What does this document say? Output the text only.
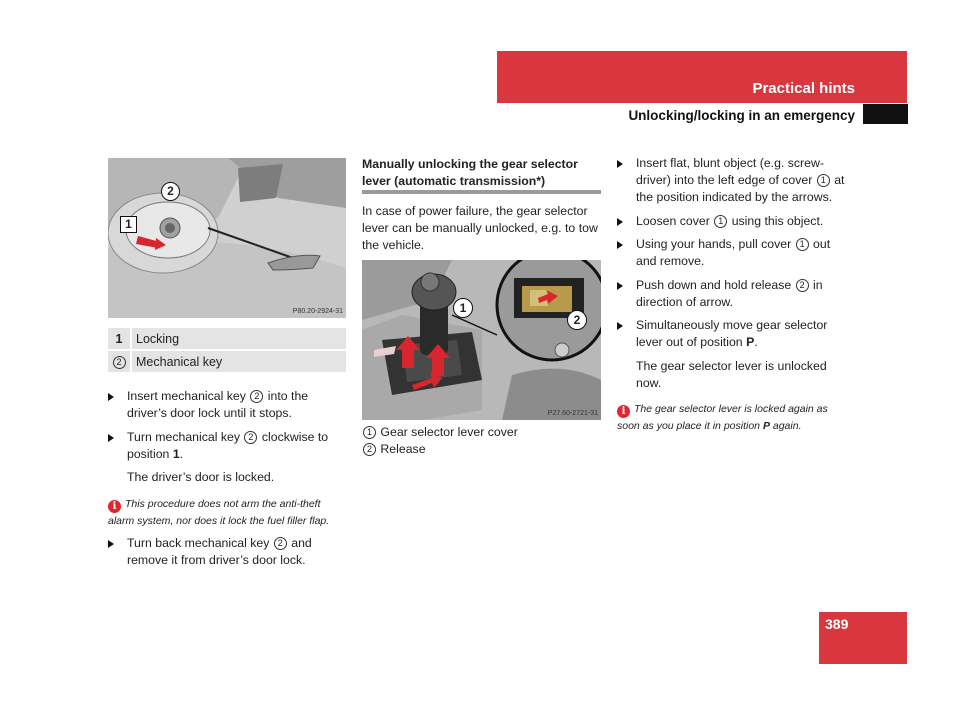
Practical hints
Unlocking/locking in an emergency
2
1
P80.20-2924-31
1	Locking
2	Mechanical key
Insert mechanical key 2 into the
driver’s door lock until it stops.
Turn mechanical key 2 clockwise to
position 1.
The driver’s door is locked.
i This procedure does not arm the anti-theft
alarm system, nor does it lock the fuel filler flap.
Turn back mechanical key 2 and
remove it from driver’s door lock.
Manually unlocking the gear selector
lever (automatic transmission*)
In case of power failure, the gear selector
lever can be manually unlocked, e.g. to tow
the vehicle.
1
2
P27.60-2721-31
1 Gear selector lever cover
2 Release
Insert flat, blunt object (e.g. screw-
driver) into the left edge of cover 1 at
the position indicated by the arrows.
Loosen cover 1 using this object.
Using your hands, pull cover 1 out
and remove.
Push down and hold release 2 in
direction of arrow.
Simultaneously move gear selector
lever out of position P.
The gear selector lever is unlocked
now.
i The gear selector lever is locked again as
soon as you place it in position P again.
389
